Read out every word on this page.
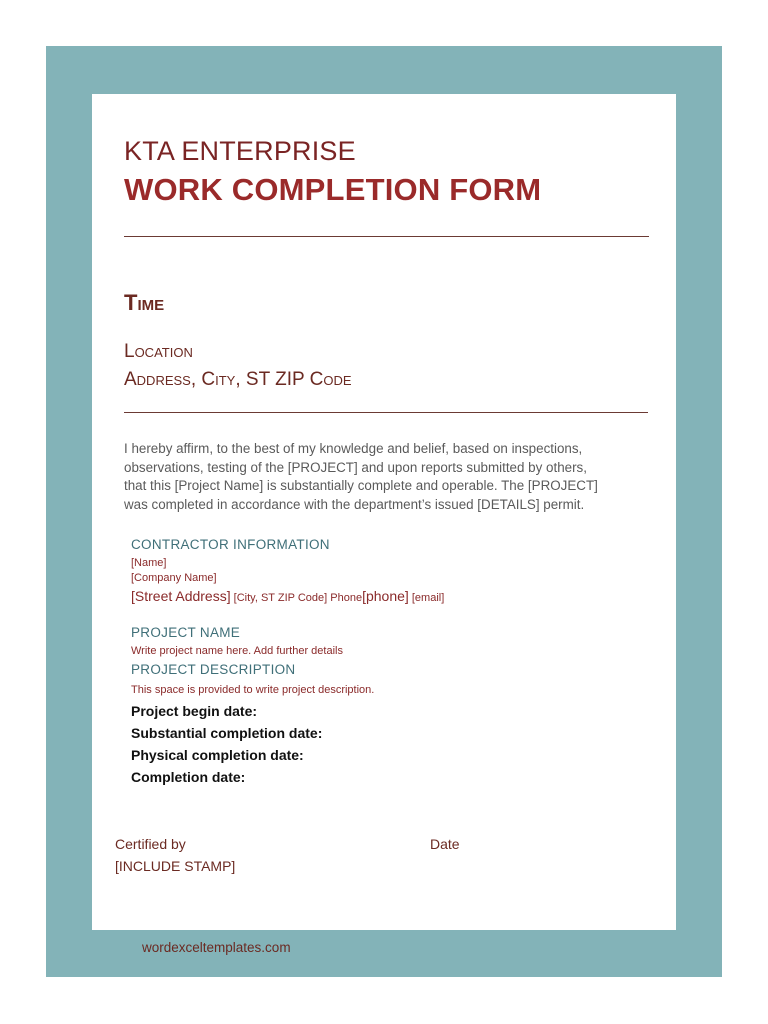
KTA ENTERPRISE
WORK COMPLETION FORM
Time
Location
Address, City, ST ZIP Code
I hereby affirm, to the best of my knowledge and belief, based on inspections,
observations, testing of the [PROJECT] and upon reports submitted by others,
that this [Project Name] is substantially complete and operable. The [PROJECT]
was completed in accordance with the department’s issued [DETAILS] permit.
CONTRACTOR INFORMATION
[Name]
[Company Name]
[Street Address] [City, ST ZIP Code] Phone[phone] [email]
PROJECT NAME
Write project name here. Add further details
PROJECT DESCRIPTION
This space is provided to write project description.
Project begin date:
Substantial completion date:
Physical completion date:
Completion date:
Certified by	Date
[INCLUDE STAMP]
wordexceltemplates.com
